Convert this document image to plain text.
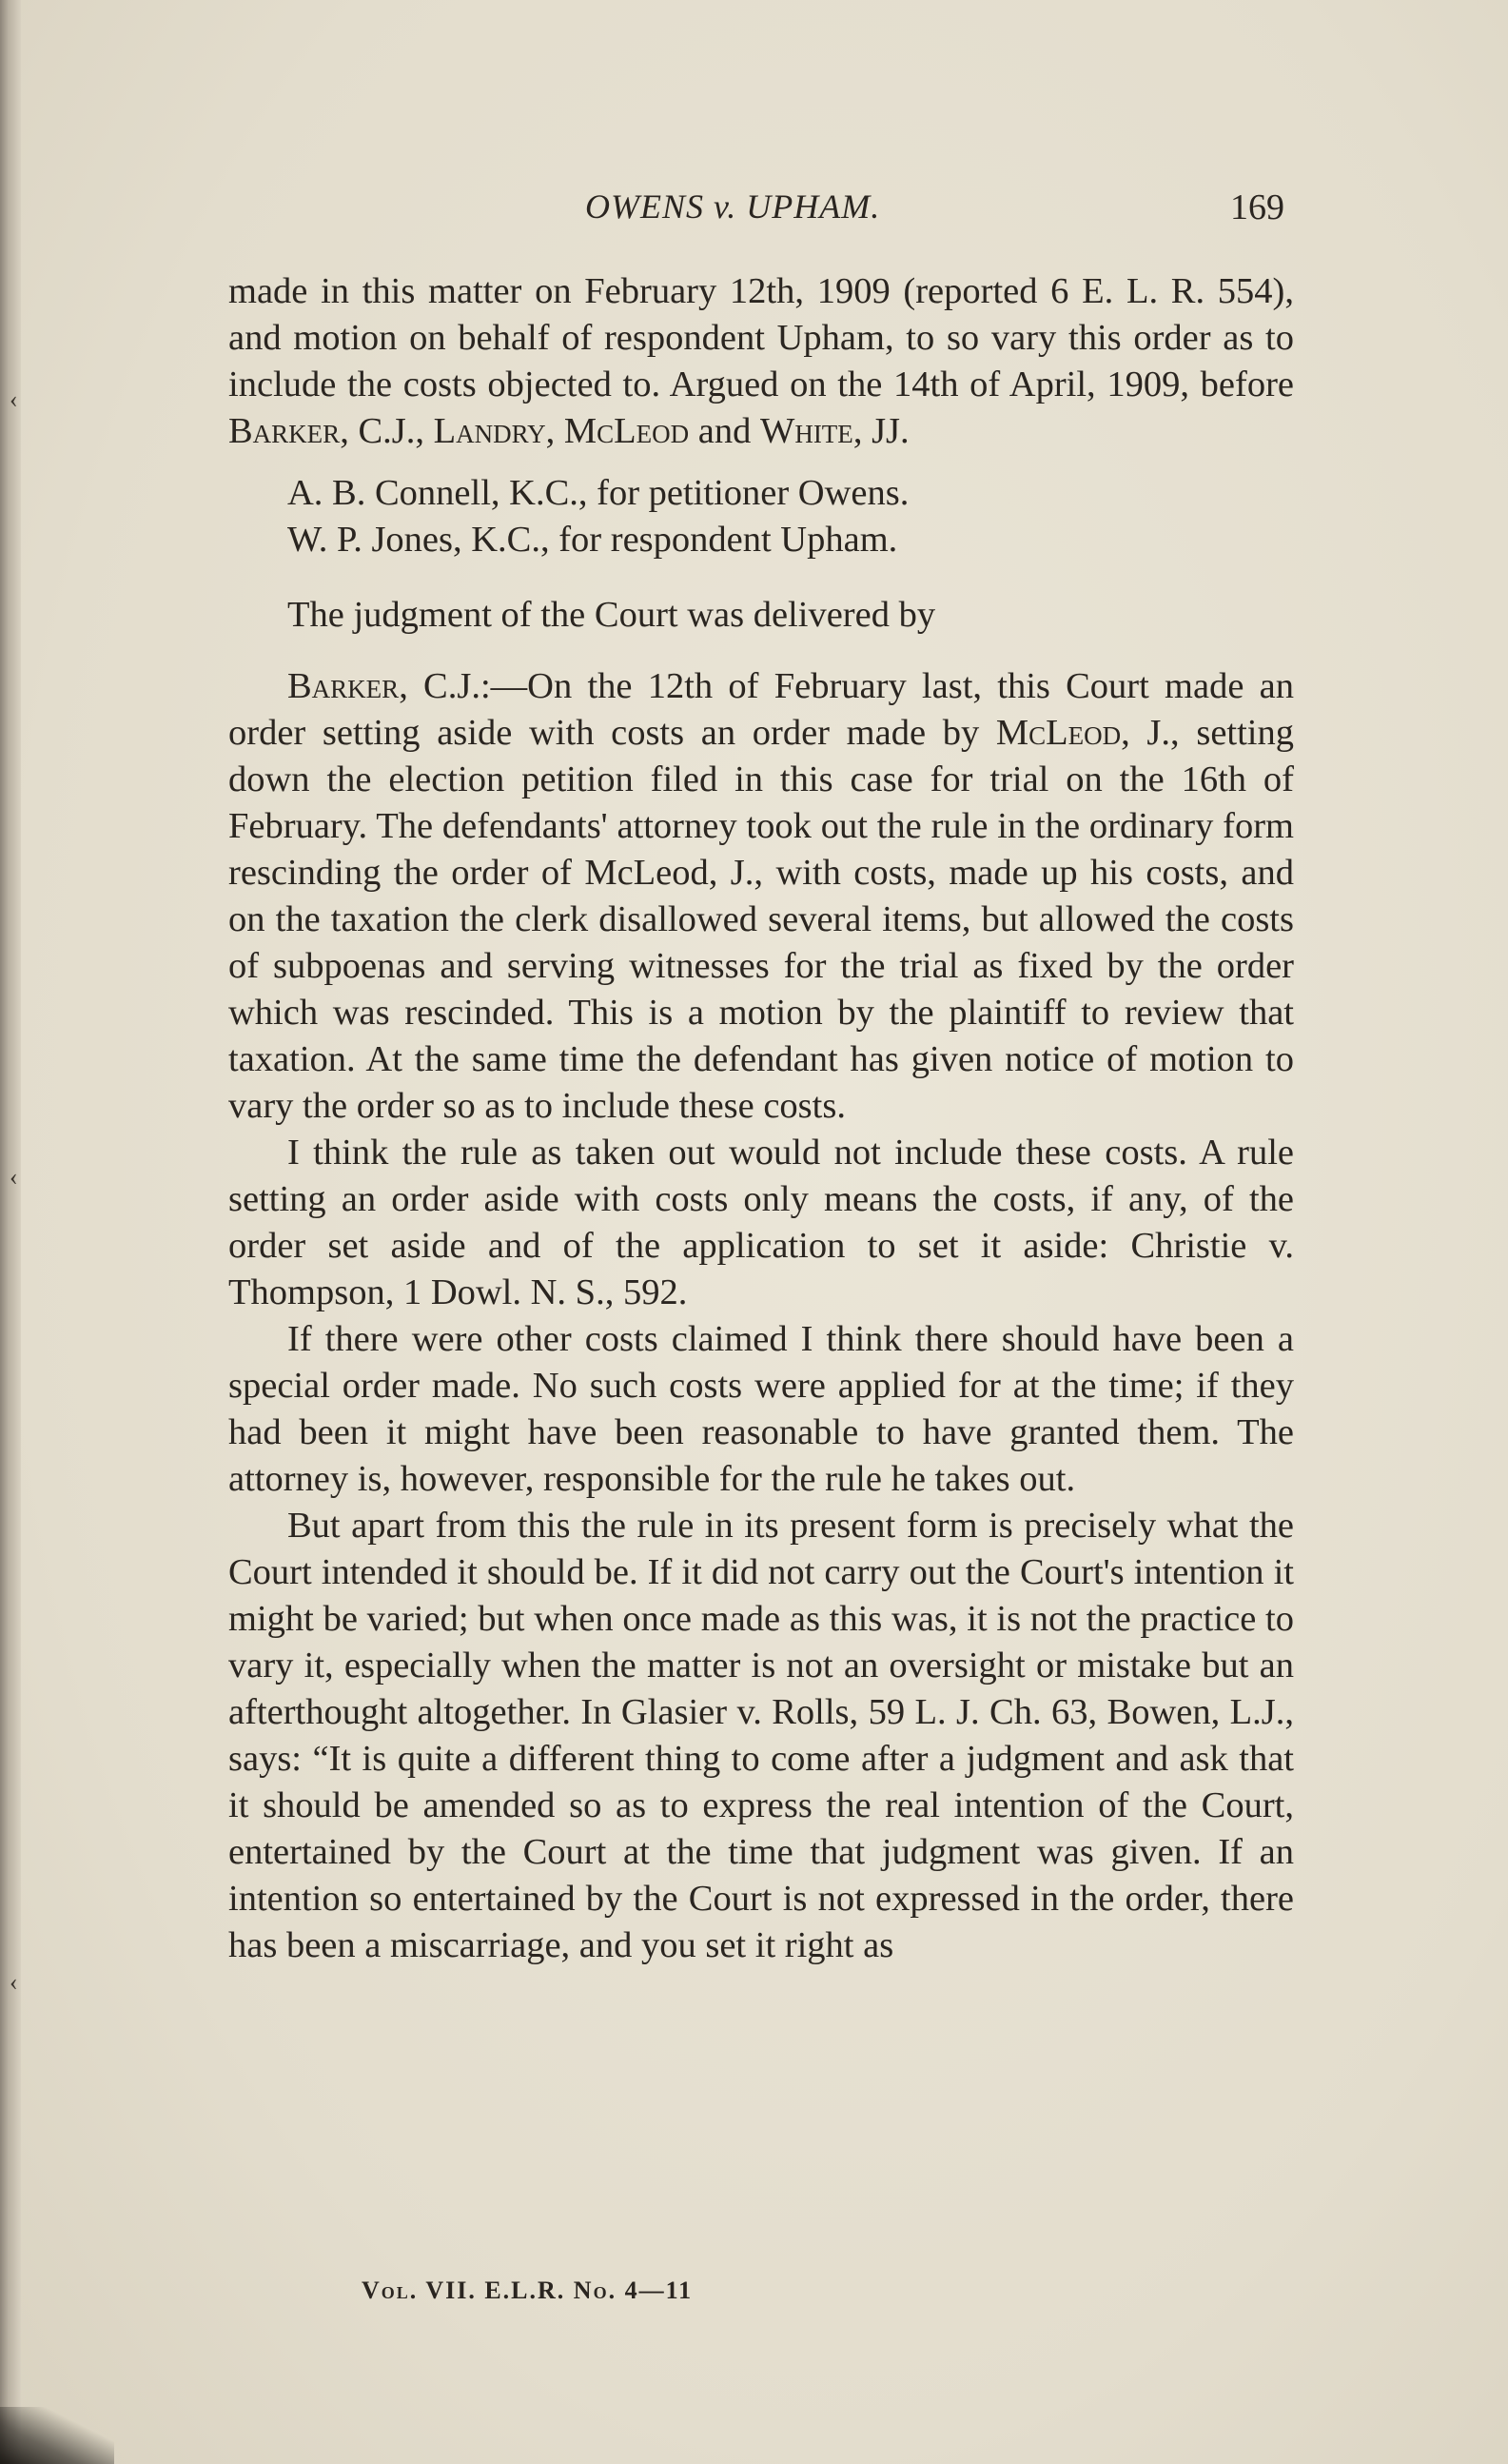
‹
‹
‹
OWENS v. UPHAM.	169

made in this matter on February 12th, 1909 (reported 6 E. L. R. 554), and motion on behalf of respondent Upham, to so vary this order as to include the costs objected to. Argued on the 14th of April, 1909, before Barker, C.J., Landry, McLeod and White, JJ.

A. B. Connell, K.C., for petitioner Owens.

W. P. Jones, K.C., for respondent Upham.

The judgment of the Court was delivered by

Barker, C.J.:—On the 12th of February last, this Court made an order setting aside with costs an order made by McLeod, J., setting down the election petition filed in this case for trial on the 16th of February. The defendants' attorney took out the rule in the ordinary form rescinding the order of McLeod, J., with costs, made up his costs, and on the taxation the clerk disallowed several items, but allowed the costs of subpoenas and serving witnesses for the trial as fixed by the order which was rescinded. This is a motion by the plaintiff to review that taxation. At the same time the defendant has given notice of motion to vary the order so as to include these costs.

I think the rule as taken out would not include these costs. A rule setting an order aside with costs only means the costs, if any, of the order set aside and of the application to set it aside: Christie v. Thompson, 1 Dowl. N. S., 592.

If there were other costs claimed I think there should have been a special order made. No such costs were applied for at the time; if they had been it might have been reasonable to have granted them. The attorney is, however, responsible for the rule he takes out.

But apart from this the rule in its present form is precisely what the Court intended it should be. If it did not carry out the Court's intention it might be varied; but when once made as this was, it is not the practice to vary it, especially when the matter is not an oversight or mistake but an afterthought altogether. In Glasier v. Rolls, 59 L. J. Ch. 63, Bowen, L.J., says: “It is quite a different thing to come after a judgment and ask that it should be amended so as to express the real intention of the Court, entertained by the Court at the time that judgment was given. If an intention so entertained by the Court is not expressed in the order, there has been a miscarriage, and you set it right as

Vol. VII. E.L.R. No. 4—11
